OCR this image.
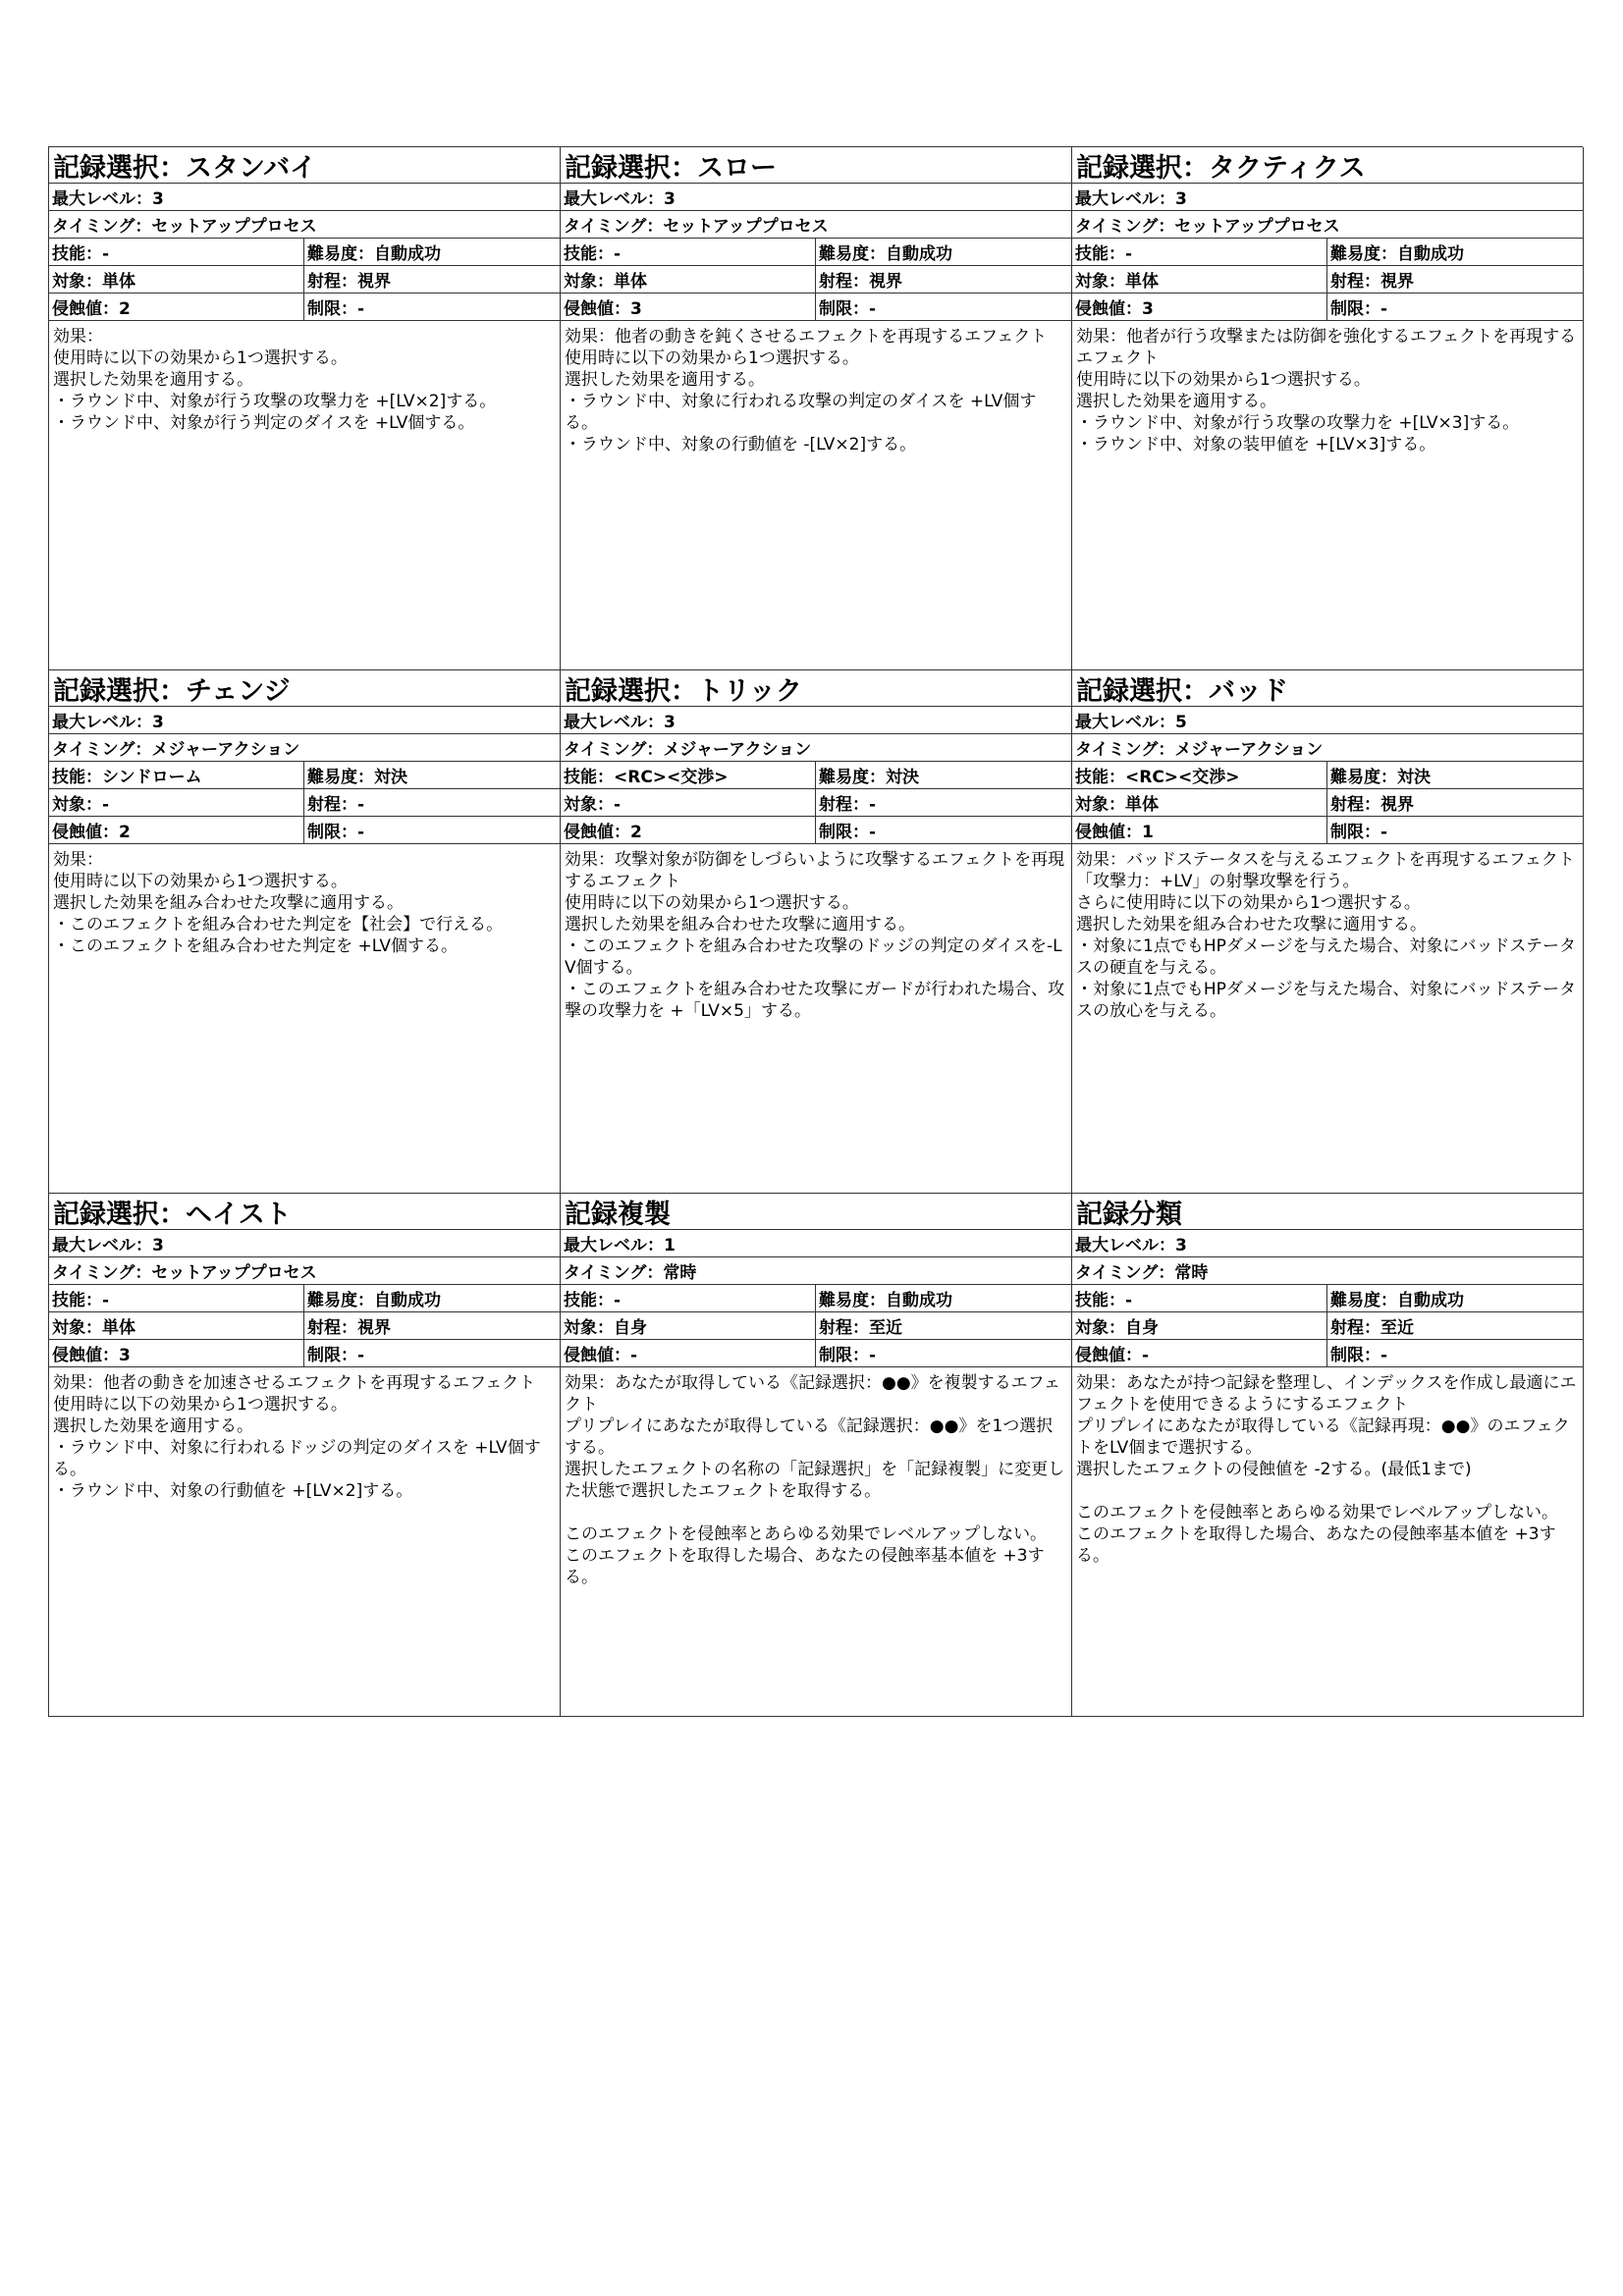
記録選択：スタンバイ
最大レベル：3
タイミング：セットアッププロセス
技能：-	難易度：自動成功
対象：単体	射程：視界
侵蝕値：2	制限：-
効果：
使用時に以下の効果から1つ選択する。
選択した効果を適用する。
・ラウンド中、対象が行う攻撃の攻撃力を +[LV×2]する。
・ラウンド中、対象が行う判定のダイスを +LV個する。
記録選択：スロー
最大レベル：3
タイミング：セットアッププロセス
技能：-	難易度：自動成功
対象：単体	射程：視界
侵蝕値：3	制限：-
効果：他者の動きを鈍くさせるエフェクトを再現するエフェクト
使用時に以下の効果から1つ選択する。
選択した効果を適用する。
・ラウンド中、対象に行われる攻撃の判定のダイスを +LV個する。
・ラウンド中、対象の行動値を -[LV×2]する。
記録選択：タクティクス
最大レベル：3
タイミング：セットアッププロセス
技能：-	難易度：自動成功
対象：単体	射程：視界
侵蝕値：3	制限：-
効果：他者が行う攻撃または防御を強化するエフェクトを再現するエフェクト
使用時に以下の効果から1つ選択する。
選択した効果を適用する。
・ラウンド中、対象が行う攻撃の攻撃力を +[LV×3]する。
・ラウンド中、対象の装甲値を +[LV×3]する。
記録選択：チェンジ
最大レベル：3
タイミング：メジャーアクション
技能：シンドローム	難易度：対決
対象：-	射程：-
侵蝕値：2	制限：-
効果：
使用時に以下の効果から1つ選択する。
選択した効果を組み合わせた攻撃に適用する。
・このエフェクトを組み合わせた判定を【社会】で行える。
・このエフェクトを組み合わせた判定を +LV個する。
記録選択：トリック
最大レベル：3
タイミング：メジャーアクション
技能：<RC><交渉>	難易度：対決
対象：-	射程：-
侵蝕値：2	制限：-
効果：攻撃対象が防御をしづらいように攻撃するエフェクトを再現するエフェクト
使用時に以下の効果から1つ選択する。
選択した効果を組み合わせた攻撃に適用する。
・このエフェクトを組み合わせた攻撃のドッジの判定のダイスを-LV個する。
・このエフェクトを組み合わせた攻撃にガードが行われた場合、攻撃の攻撃力を +「LV×5」する。
記録選択：バッド
最大レベル：5
タイミング：メジャーアクション
技能：<RC><交渉>	難易度：対決
対象：単体	射程：視界
侵蝕値：1	制限：-
効果：バッドステータスを与えるエフェクトを再現するエフェクト
「攻撃力：+LV」の射撃攻撃を行う。
さらに使用時に以下の効果から1つ選択する。
選択した効果を組み合わせた攻撃に適用する。
・対象に1点でもHPダメージを与えた場合、対象にバッドステータスの硬直を与える。
・対象に1点でもHPダメージを与えた場合、対象にバッドステータスの放心を与える。
記録選択：ヘイスト
最大レベル：3
タイミング：セットアッププロセス
技能：-	難易度：自動成功
対象：単体	射程：視界
侵蝕値：3	制限：-
効果：他者の動きを加速させるエフェクトを再現するエフェクト
使用時に以下の効果から1つ選択する。
選択した効果を適用する。
・ラウンド中、対象に行われるドッジの判定のダイスを +LV個する。
・ラウンド中、対象の行動値を +[LV×2]する。
記録複製
最大レベル：1
タイミング：常時
技能：-	難易度：自動成功
対象：自身	射程：至近
侵蝕値：-	制限：-
効果：あなたが取得している《記録選択：●●》を複製するエフェクト
プリプレイにあなたが取得している《記録選択：●●》を1つ選択する。
選択したエフェクトの名称の「記録選択」を「記録複製」に変更した状態で選択したエフェクトを取得する。

このエフェクトを侵蝕率とあらゆる効果でレベルアップしない。
このエフェクトを取得した場合、あなたの侵蝕率基本値を +3する。
記録分類
最大レベル：3
タイミング：常時
技能：-	難易度：自動成功
対象：自身	射程：至近
侵蝕値：-	制限：-
効果：あなたが持つ記録を整理し、インデックスを作成し最適にエフェクトを使用できるようにするエフェクト
プリプレイにあなたが取得している《記録再現：●●》のエフェクトをLV個まで選択する。
選択したエフェクトの侵蝕値を -2する。(最低1まで)

このエフェクトを侵蝕率とあらゆる効果でレベルアップしない。
このエフェクトを取得した場合、あなたの侵蝕率基本値を +3する。
